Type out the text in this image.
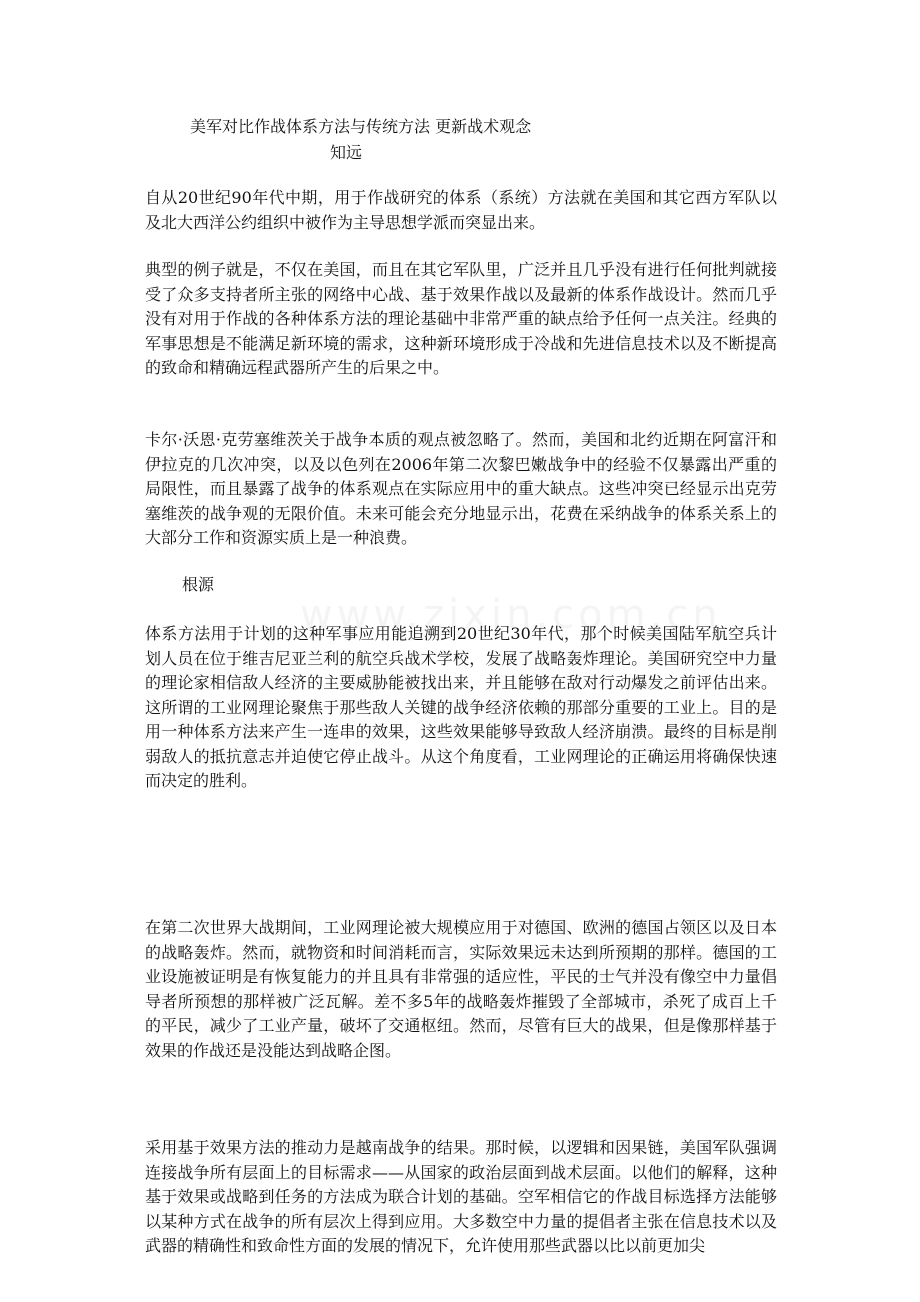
美军对比作战体系方法与传统方法 更新战术观念
知远

自从20世纪90年代中期，用于作战研究的体系（系统）方法就在美国和其它西方军队以及北大西洋公约组织中被作为主导思想学派而突显出来。

典型的例子就是，不仅在美国，而且在其它军队里，广泛并且几乎没有进行任何批判就接受了众多支持者所主张的网络中心战、基于效果作战以及最新的体系作战设计。然而几乎没有对用于作战的各种体系方法的理论基础中非常严重的缺点给予任何一点关注。经典的军事思想是不能满足新环境的需求，这种新环境形成于冷战和先进信息技术以及不断提高的致命和精确远程武器所产生的后果之中。

卡尔·沃恩·克劳塞维茨关于战争本质的观点被忽略了。然而，美国和北约近期在阿富汗和伊拉克的几次冲突，以及以色列在2006年第二次黎巴嫩战争中的经验不仅暴露出严重的局限性，而且暴露了战争的体系观点在实际应用中的重大缺点。这些冲突已经显示出克劳塞维茨的战争观的无限价值。未来可能会充分地显示出，花费在采纳战争的体系关系上的大部分工作和资源实质上是一种浪费。

根源

体系方法用于计划的这种军事应用能追溯到20世纪30年代，那个时候美国陆军航空兵计划人员在位于维吉尼亚兰利的航空兵战术学校，发展了战略轰炸理论。美国研究空中力量的理论家相信敌人经济的主要威胁能被找出来，并且能够在敌对行动爆发之前评估出来。这所谓的工业网理论聚焦于那些敌人关键的战争经济依赖的那部分重要的工业上。目的是用一种体系方法来产生一连串的效果，这些效果能够导致敌人经济崩溃。最终的目标是削弱敌人的抵抗意志并迫使它停止战斗。从这个角度看，工业网理论的正确运用将确保快速而决定的胜利。

在第二次世界大战期间，工业网理论被大规模应用于对德国、欧洲的德国占领区以及日本的战略轰炸。然而，就物资和时间消耗而言，实际效果远未达到所预期的那样。德国的工业设施被证明是有恢复能力的并且具有非常强的适应性，平民的士气并没有像空中力量倡导者所预想的那样被广泛瓦解。差不多5年的战略轰炸摧毁了全部城市，杀死了成百上千的平民，减少了工业产量，破坏了交通枢纽。然而，尽管有巨大的战果，但是像那样基于效果的作战还是没能达到战略企图。

采用基于效果方法的推动力是越南战争的结果。那时候，以逻辑和因果链，美国军队强调连接战争所有层面上的目标需求——从国家的政治层面到战术层面。以他们的解释，这种基于效果或战略到任务的方法成为联合计划的基础。空军相信它的作战目标选择方法能够以某种方式在战争的所有层次上得到应用。大多数空中力量的提倡者主张在信息技术以及武器的精确性和致命性方面的发展的情况下，允许使用那些武器以比以前更加尖
